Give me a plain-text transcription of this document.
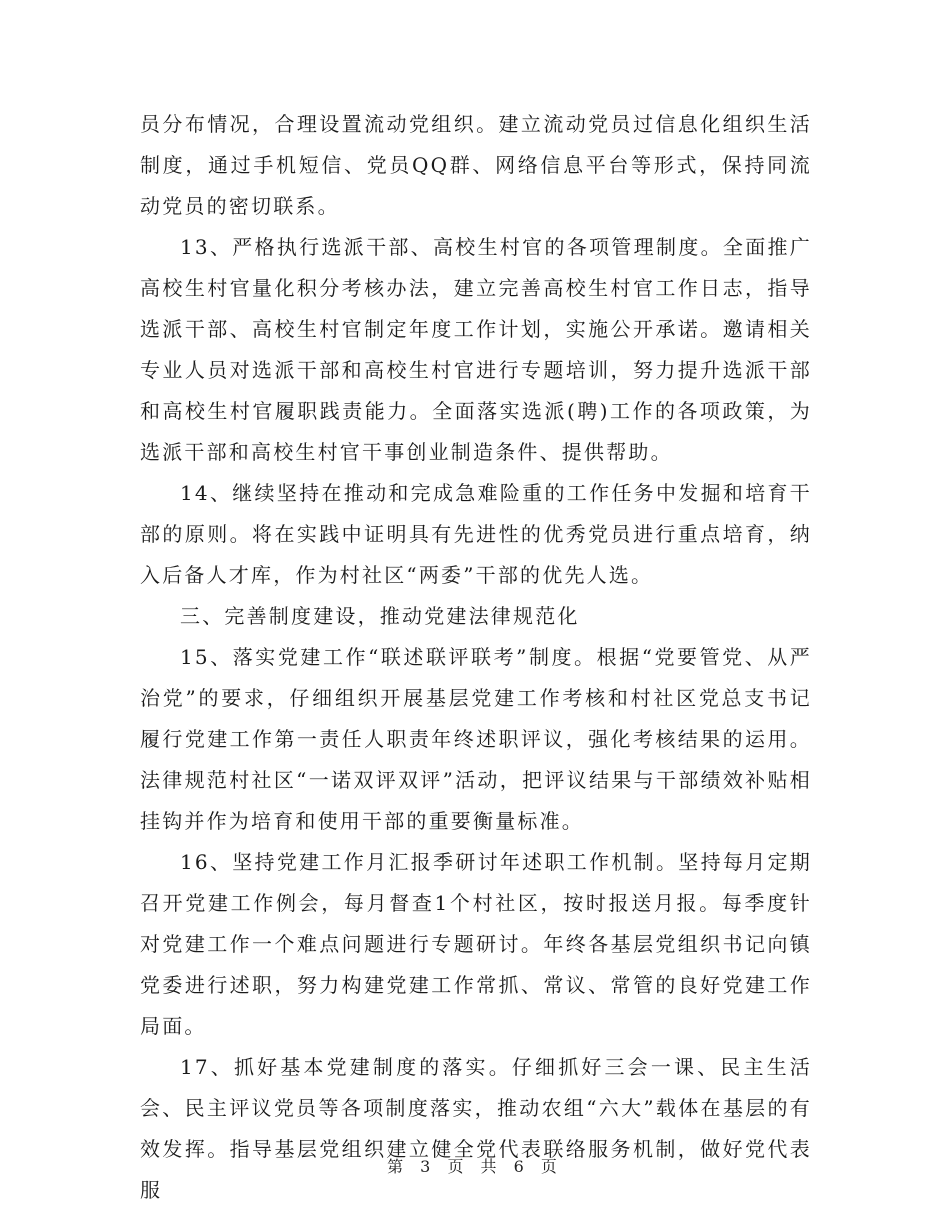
员分布情况，合理设置流动党组织。建立流动党员过信息化组织生活制度，通过手机短信、党员QQ群、网络信息平台等形式，保持同流动党员的密切联系。

13、严格执行选派干部、高校生村官的各项管理制度。全面推广高校生村官量化积分考核办法，建立完善高校生村官工作日志，指导选派干部、高校生村官制定年度工作计划，实施公开承诺。邀请相关专业人员对选派干部和高校生村官进行专题培训，努力提升选派干部和高校生村官履职践责能力。全面落实选派(聘)工作的各项政策，为选派干部和高校生村官干事创业制造条件、提供帮助。

14、继续坚持在推动和完成急难险重的工作任务中发掘和培育干部的原则。将在实践中证明具有先进性的优秀党员进行重点培育，纳入后备人才库，作为村社区“两委”干部的优先人选。

三、完善制度建设，推动党建法律规范化

15、落实党建工作“联述联评联考”制度。根据“党要管党、从严治党”的要求，仔细组织开展基层党建工作考核和村社区党总支书记履行党建工作第一责任人职责年终述职评议，强化考核结果的运用。法律规范村社区“一诺双评双评”活动，把评议结果与干部绩效补贴相挂钩并作为培育和使用干部的重要衡量标准。

16、坚持党建工作月汇报季研讨年述职工作机制。坚持每月定期召开党建工作例会，每月督查1个村社区，按时报送月报。每季度针对党建工作一个难点问题进行专题研讨。年终各基层党组织书记向镇党委进行述职，努力构建党建工作常抓、常议、常管的良好党建工作局面。

17、抓好基本党建制度的落实。仔细抓好三会一课、民主生活会、民主评议党员等各项制度落实，推动农组“六大”载体在基层的有效发挥。指导基层党组织建立健全党代表联络服务机制，做好党代表服

第 3 页 共 6 页
